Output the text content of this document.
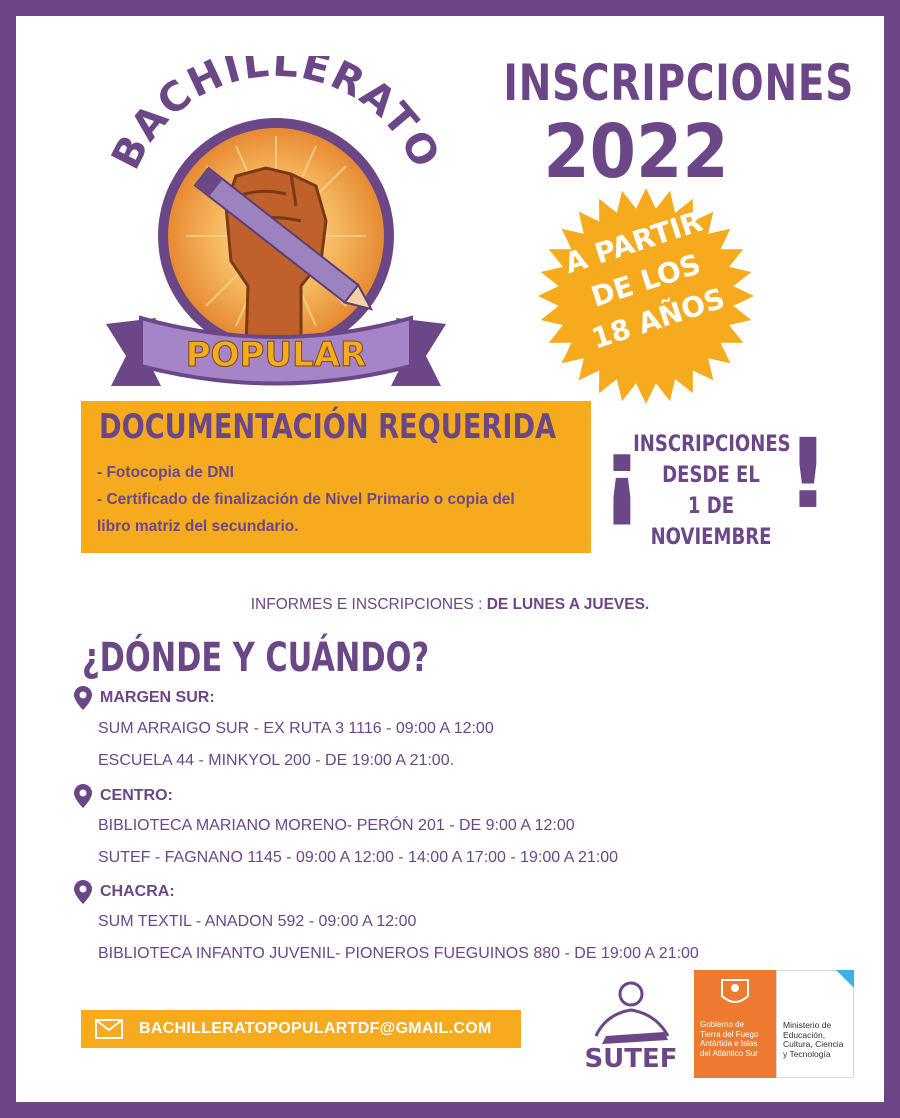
BACHILLERATO
POPULAR
INSCRIPCIONES
2022
A PARTIR
DE LOS
18 AÑOS
DOCUMENTACIÓN REQUERIDA
- Fotocopia de DNI
- Certificado de finalización de Nivel Primario o copia del
libro matriz del secundario.	¡
INSCRIPCIONES
DESDE EL
1 DE NOVIEMBRE
!
INFORMES E INSCRIPCIONES : DE LUNES A JUEVES.
¿DÓNDE Y CUÁNDO?
MARGEN SUR:
SUM ARRAIGO SUR - EX RUTA 3 1116 - 09:00 A 12:00
ESCUELA 44 - MINKYOL 200 - DE 19:00 A 21:00.
CENTRO:
BIBLIOTECA MARIANO MORENO- PERÓN 201 - DE 9:00 A 12:00
SUTEF - FAGNANO 1145 - 09:00 A 12:00 - 14:00 A 17:00 - 19:00 A 21:00
CHACRA:
SUM TEXTIL - ANADON 592 - 09:00 A 12:00
BIBLIOTECA INFANTO JUVENIL- PIONEROS FUEGUINOS 880 - DE 19:00 A 21:00
BACHILLERATOPOPULARTDF@GMAIL.COM
SUTEF
Gobierno de
Tierra del Fuego
Antártida e Islas
del Atlántico Sur
Ministerio de
Educación,
Cultura, Ciencia
y Tecnología
